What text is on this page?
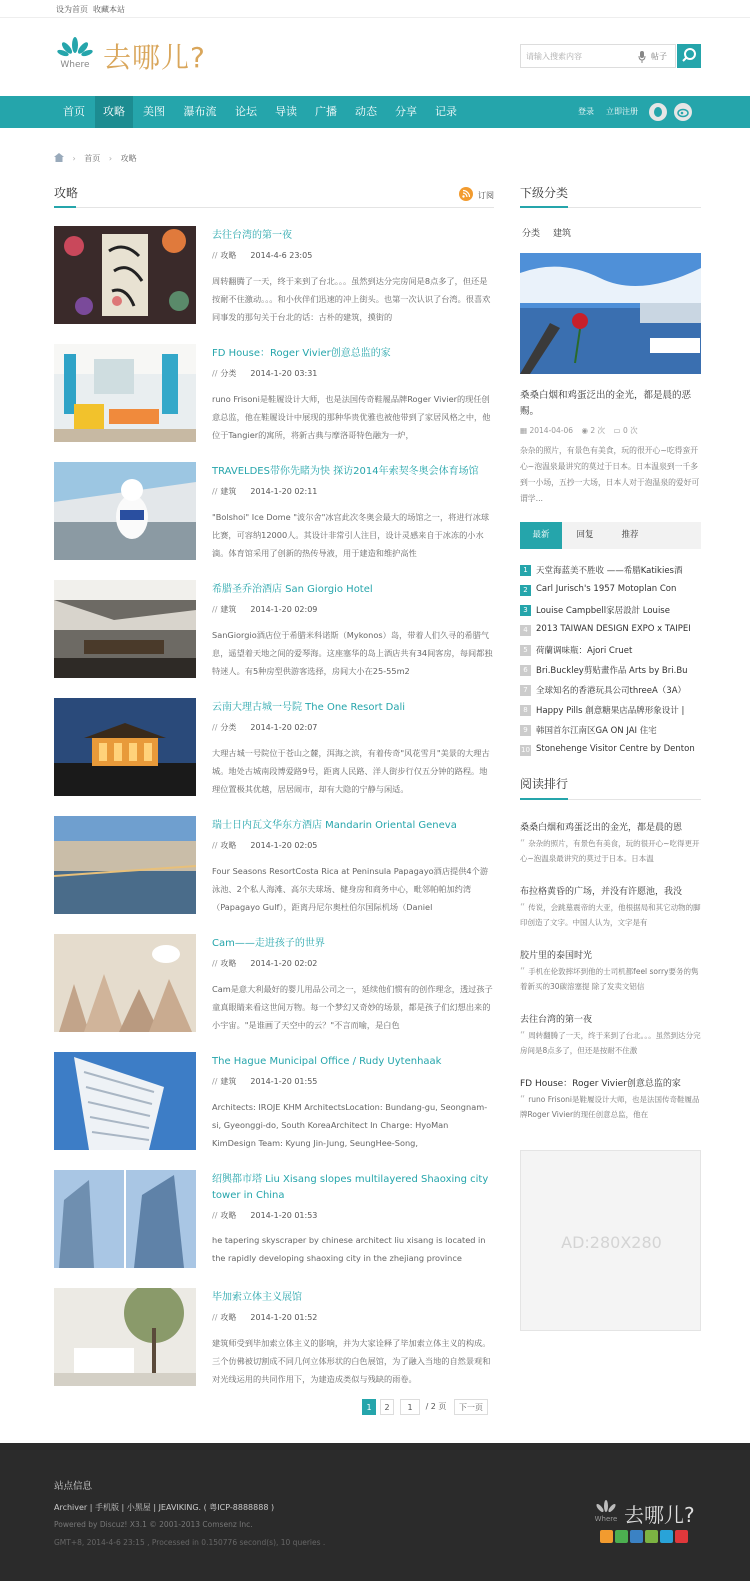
设为首页 收藏本站
Where 去哪儿?	请输入搜索内容	帖子
首页	攻略	美图	瀑布流	论坛	导读	广播	动态	分享	记录	登录 立即注册
› 首页 › 攻略
攻略	订阅
去往台湾的第一夜
// 攻略 2014-4-6 23:05
周转翻腾了一天，终于来到了台北。。。虽然到达分完房间是8点多了，但还是按耐不住激动。。。和小伙伴们迅速的冲上街头。也第一次认识了台湾。很喜欢同事发的那句关于台北的话：古朴的建筑，摸街的
FD House：Roger Vivier创意总监的家
// 分类 2014-1-20 03:31
runo Frisoni是鞋履设计大师，也是法国传奇鞋履品牌Roger Vivier的现任创意总监，他在鞋履设计中展现的那种华贵优雅也被他带到了家居风格之中，他位于Tangier的寓所，将新古典与摩洛哥特色融为一炉，
TRAVELDES带你先睹为快 探访2014年索契冬奥会体育场馆
// 建筑 2014-1-20 02:11
"Bolshoi" Ice Dome "波尔舍"冰宫此次冬奥会最大的场馆之一，将进行冰球比赛，可容纳12000人。其设计非常引人注目，设计灵感来自于冰冻的小水滴。体育馆采用了创新的热传导液，用于建造和维护高性
希腊圣乔治酒店 San Giorgio Hotel
// 建筑 2014-1-20 02:09
SanGiorgio酒店位于希腊米科诺斯（Mykonos）岛，带着人们久寻的希腊气息，遥望着天地之间的爱琴海。这座塞华的岛上酒店共有34间客房，每间都独特迷人。有5种房型供游客选择，房间大小在25-55m2
云南大理古城一号院 The One Resort Dali
// 分类 2014-1-20 02:07
大理古城一号院位于苍山之麓，洱海之滨，有着传奇"风花雪月"美景的大理古城。地处古城南段博爱路9号，距离人民路、洋人街步行仅五分钟的路程。地理位置极其优越，居居闹市，却有大隐的宁静与闲适。
瑞士日内瓦文华东方酒店 Mandarin Oriental Geneva
// 攻略 2014-1-20 02:05
Four Seasons ResortCosta Rica at Peninsula Papagayo酒店提供4个游泳池、2个私人海滩、高尔夫球场、健身房和商务中心，毗邻帕帕加约湾（Papagayo Gulf），距离丹尼尔奥杜伯尔国际机场（Daniel
Cam——走进孩子的世界
// 攻略 2014-1-20 02:02
Cam是意大利最好的婴儿用品公司之一，延续他们惯有的创作理念，透过孩子童真眼睛来看这世间万物。每一个梦幻又奇妙的场景，都是孩子们幻想出来的小宇宙。"是谁画了天空中的云？"不言而喻，是白色
The Hague Municipal Office / Rudy Uytenhaak
// 建筑 2014-1-20 01:55
Architects: IROJE KHM ArchitectsLocation: Bundang-gu, Seongnam-si, Gyeonggi-do, South KoreaArchitect In Charge: HyoMan KimDesign Team: Kyung Jin-Jung, SeungHee-Song,
绍興都市塔 Liu Xisang slopes multilayered Shaoxing city tower in China
// 攻略 2014-1-20 01:53
he tapering skyscraper by chinese architect liu xisang is located in the rapidly developing shaoxing city in the zhejiang province
毕加索立体主义展馆
// 攻略 2014-1-20 01:52
建筑师受到毕加索立体主义的影响，并为大家诠释了毕加索立体主义的构成。三个仿佛被切割成不同几何立体形状的白色展馆，为了融入当地的自然景观和对光线运用的共同作用下，为建造成类似与残缺的雨卷。
1	2	1	/ 2 页	下一页
下级分类
分类 建筑
桑桑白烟和鸡蛋泛出的金光，都是晨的恶赐。
▦ 2014-04-06 ◉ 2 次 ▭ 0 次
杂杂的照片，有景色有美食，玩的很开心~吃得蛮开心~泡温泉最讲究的莫过于日本。日本温泉到一千多到一小场，五抄一大场，日本人对于泡温泉的爱好可谓学...
最新	回复	推荐
1 天堂海蓝美不胜收 ——希腊Katikies酒
2 Carl Jurisch's 1957 Motoplan Con
3 Louise Campbell家居設計 Louise
4 2013 TAIWAN DESIGN EXPO x TAIPEI
5 荷蘭调味瓶：Ajori Cruet
6 Bri.Buckley剪贴畫作品 Arts by Bri.Bu
7 全球知名的香港玩具公司threeA（3A）
8 Happy Pills 創意糖果店品牌形象设计 |
9 韩国首尔江南区GA ON JAI 住宅
10 Stonehenge Visitor Centre by Denton
阅读排行
桑桑白烟和鸡蛋泛出的金光，都是晨的恩
“ 杂杂的照片，有景色有美食，玩的很开心~吃得更开心~泡温泉最讲究的莫过于日本。日本温
布拉格黄昏的广场，并没有许愿池，我没
“ 传说，会跳墓震帝的大亚，他根据局和其它动物的脚印创造了文字。中国人认为，文字是有
胶片里的泰国时光
“ 手机在伦敦摔坏到他的士司机都feel sorry要务的隽着新买的30碳溶塞提 除了发卖文铝信
去往台湾的第一夜
“ 周转翻腾了一天，终于来到了台北。。。虽然到达分完房间是8点多了，但还是按耐不住激
FD House：Roger Vivier创意总监的家
“ runo Frisoni是鞋履设计大师，也是法国传奇鞋履品牌Roger Vivier的现任创意总监，他在
AD:280X280
站点信息
Archiver | 手机版 | 小黑屋 | JEAVIKING. ( 粤ICP-8888888 )
Powered by Discuz! X3.1 © 2001-2013 Comsenz Inc.
GMT+8, 2014-4-6 23:15 , Processed in 0.150776 second(s), 10 queries .
Where 去哪儿?
